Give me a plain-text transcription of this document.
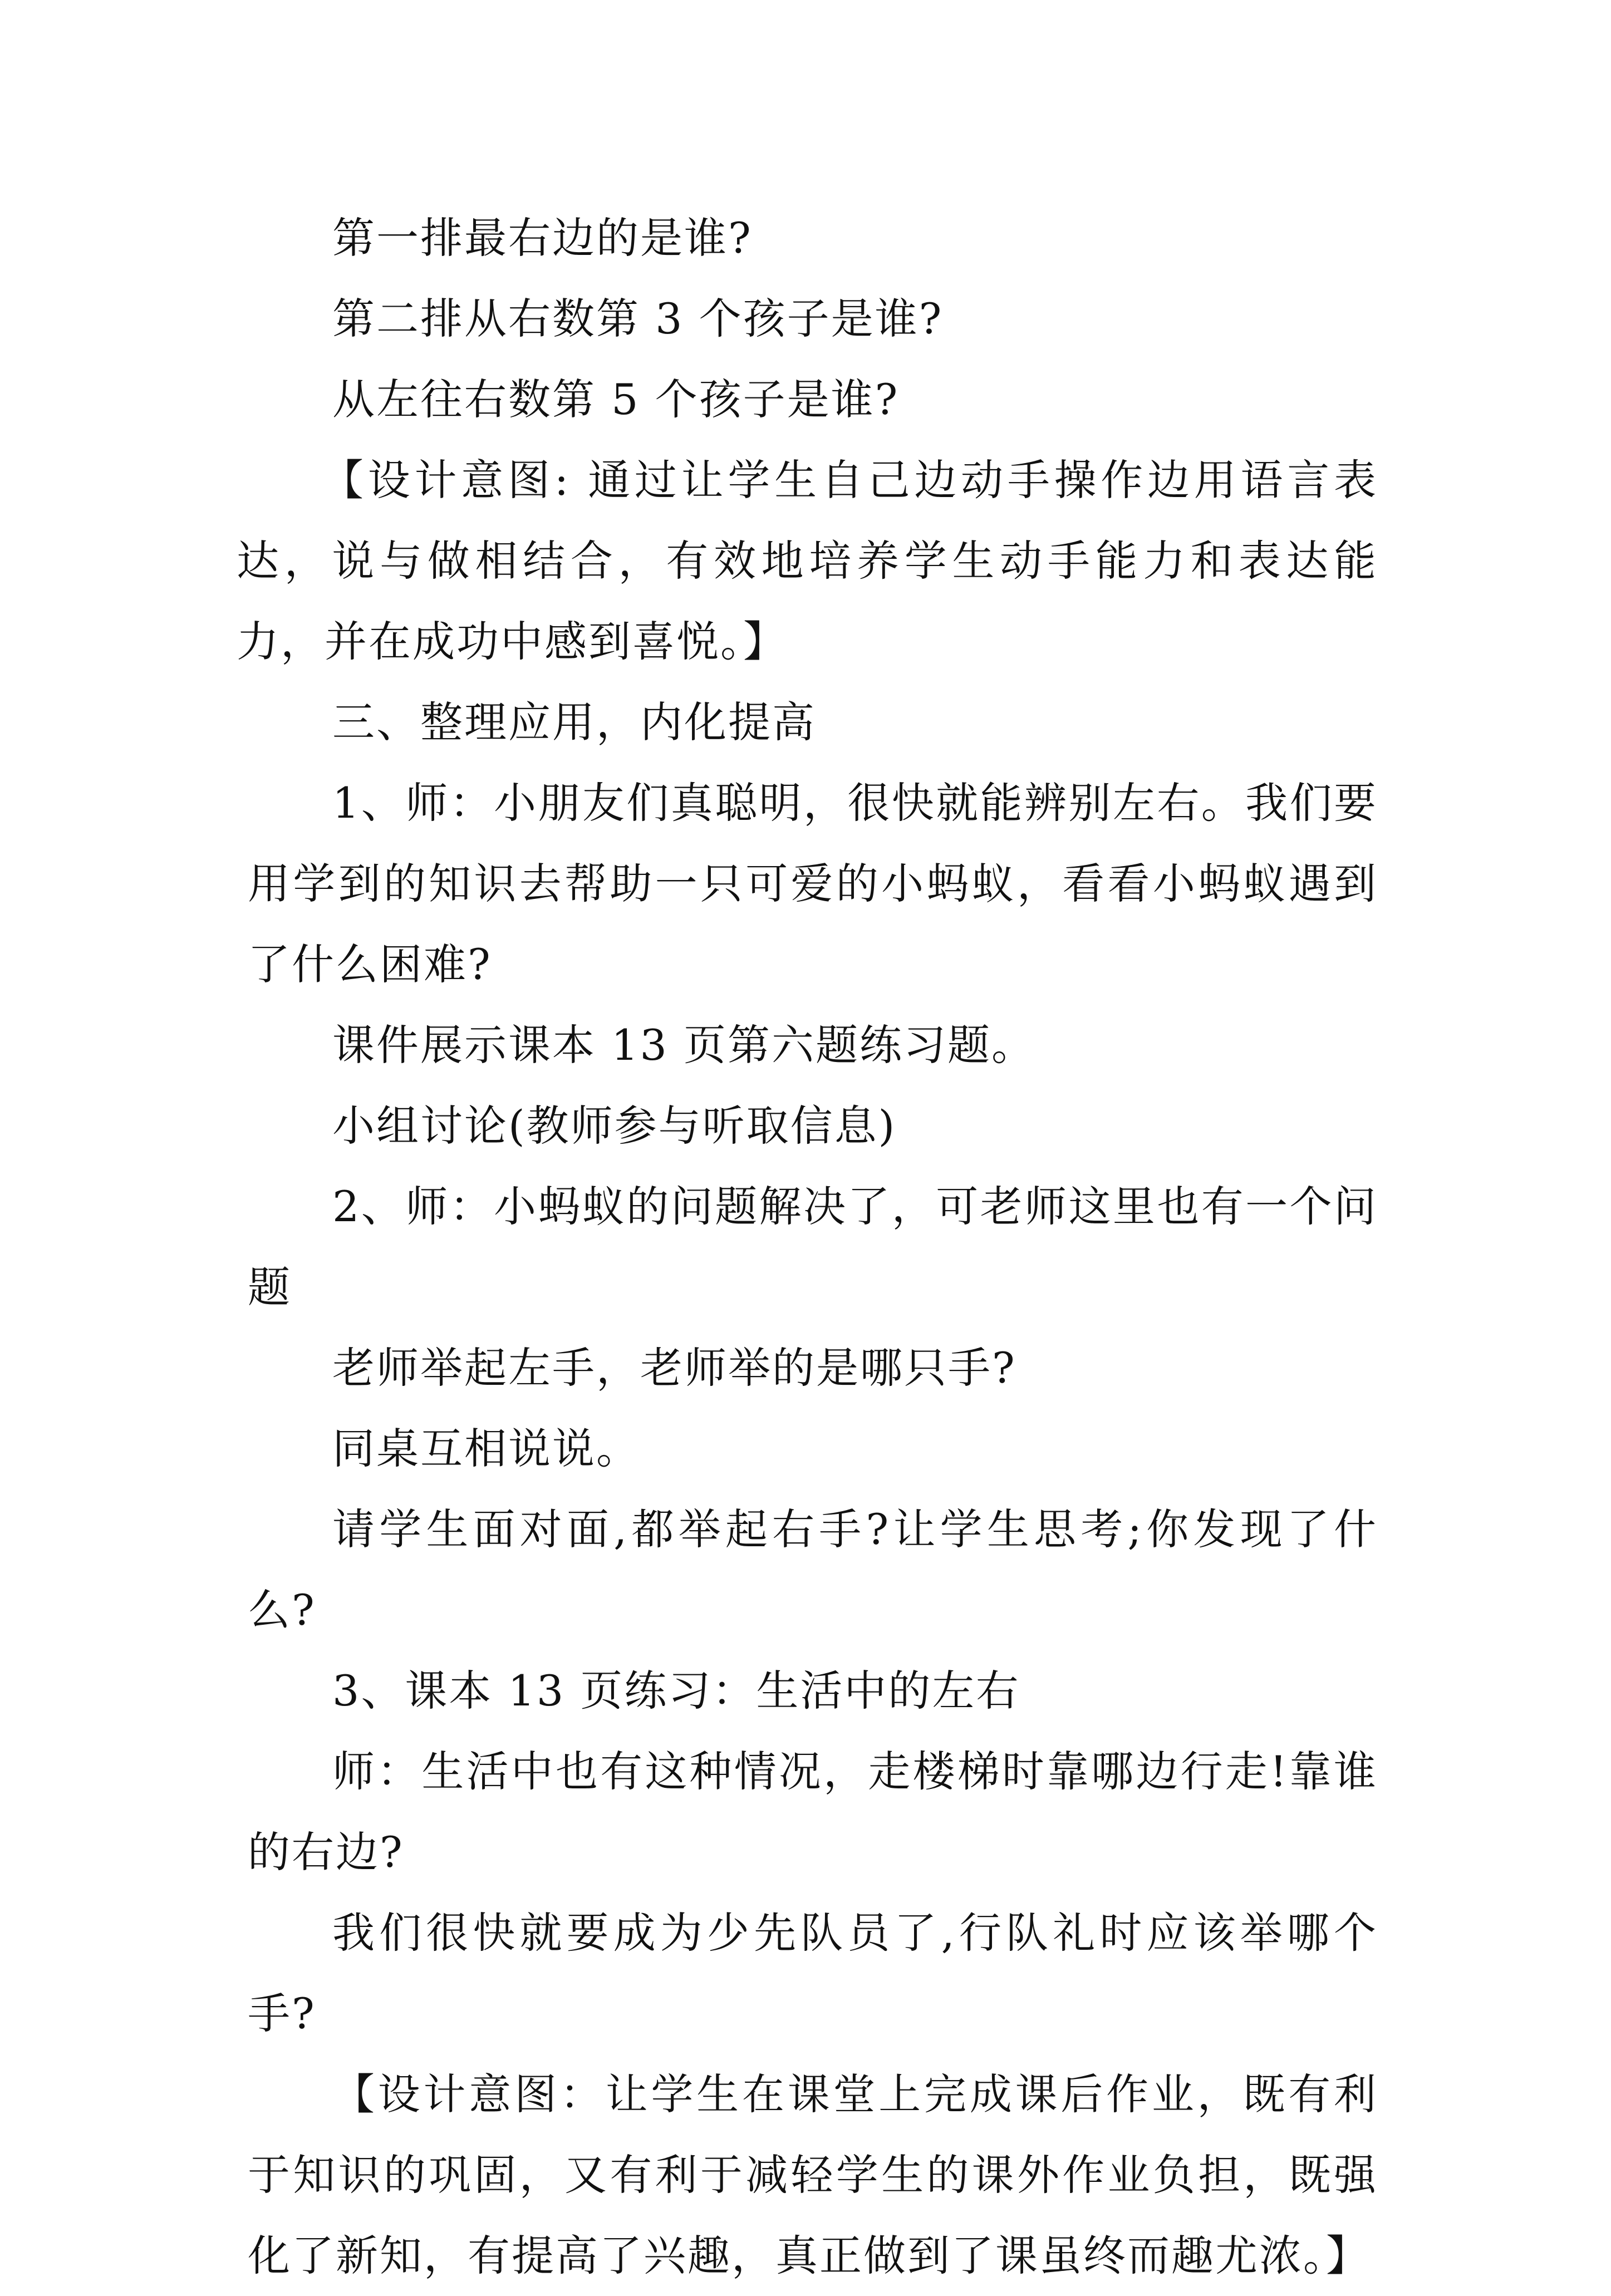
第一排最右边的是谁?

第二排从右数第 3 个孩子是谁?

从左往右数第 5 个孩子是谁?

【设计意图: 通过让学生自己边动手操作边用语言表达，说与做相结合，有效地培养学生动手能力和表达能力，并在成功中感到喜悦。】

三、整理应用，内化提高

1、师：小朋友们真聪明，很快就能辨别左右。我们要用学到的知识去帮助一只可爱的小蚂蚁，看看小蚂蚁遇到了什么困难?

课件展示课本 13 页第六题练习题。

小组讨论(教师参与听取信息)

2、师：小蚂蚁的问题解决了，可老师这里也有一个问题

老师举起左手，老师举的是哪只手?

同桌互相说说。

请学生面对面,都举起右手?让学生思考;你发现了什么?

3、课本 13 页练习：生活中的左右

师：生活中也有这种情况，走楼梯时靠哪边行走!靠谁的右边?

我们很快就要成为少先队员了,行队礼时应该举哪个手?

【设计意图：让学生在课堂上完成课后作业，既有利于知识的巩固，又有利于减轻学生的课外作业负担，既强化了新知，有提高了兴趣，真正做到了课虽终而趣尤浓。】
